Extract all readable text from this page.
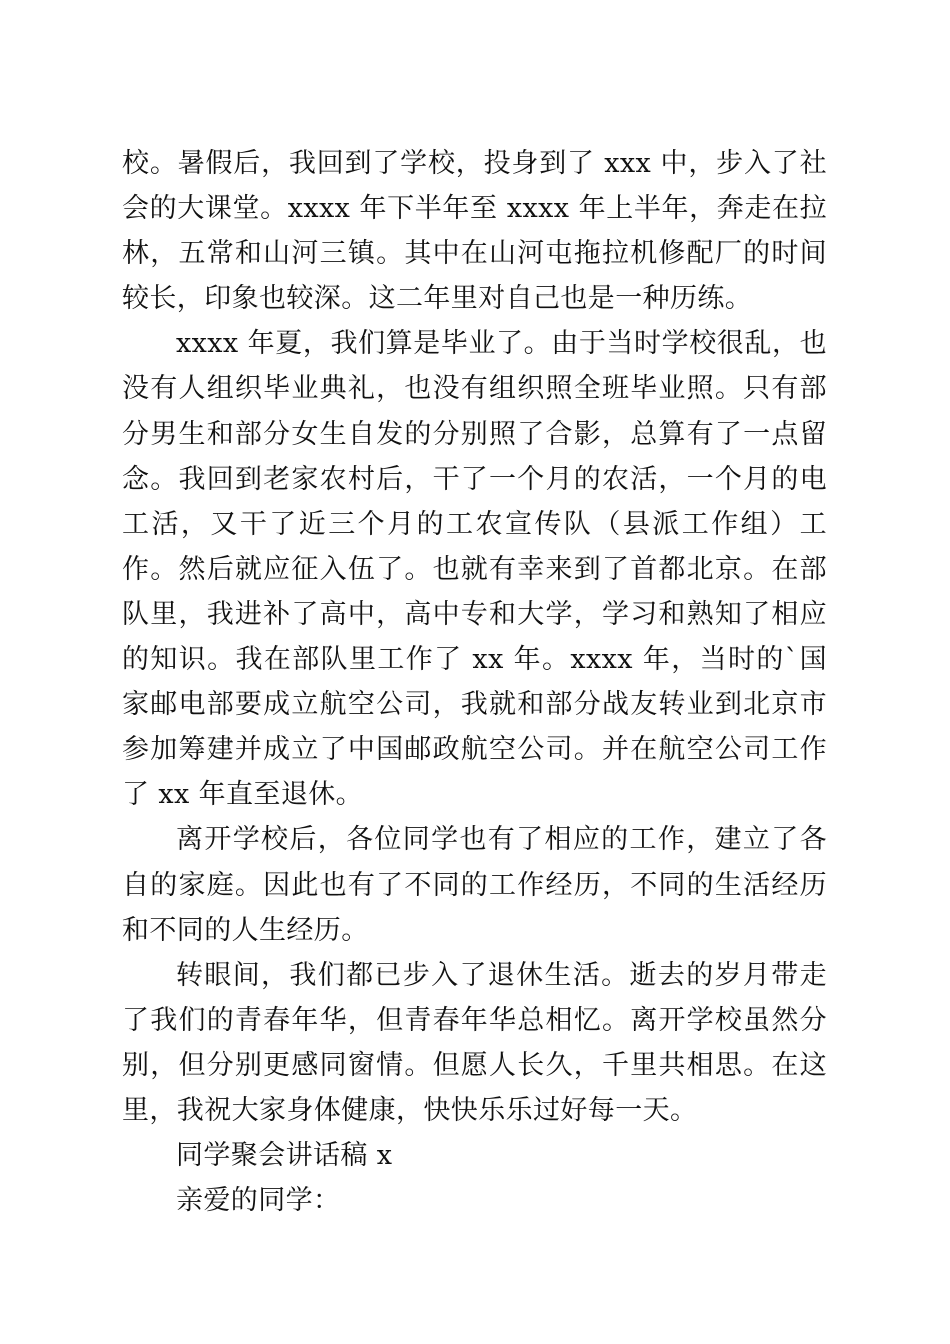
校。暑假后，我回到了学校，投身到了 xxx 中，步入了社会的大课堂。xxxx 年下半年至 xxxx 年上半年，奔走在拉林，五常和山河三镇。其中在山河屯拖拉机修配厂的时间较长，印象也较深。这二年里对自己也是一种历练。

xxxx 年夏，我们算是毕业了。由于当时学校很乱，也没有人组织毕业典礼，也没有组织照全班毕业照。只有部分男生和部分女生自发的分别照了合影，总算有了一点留念。我回到老家农村后，干了一个月的农活，一个月的电工活，又干了近三个月的工农宣传队（县派工作组）工作。然后就应征入伍了。也就有幸来到了首都北京。在部队里，我进补了高中，高中专和大学，学习和熟知了相应的知识。我在部队里工作了 xx 年。xxxx 年，当时的`国家邮电部要成立航空公司，我就和部分战友转业到北京市参加筹建并成立了中国邮政航空公司。并在航空公司工作了 xx 年直至退休。

离开学校后，各位同学也有了相应的工作，建立了各自的家庭。因此也有了不同的工作经历，不同的生活经历和不同的人生经历。

转眼间，我们都已步入了退休生活。逝去的岁月带走了我们的青春年华，但青春年华总相忆。离开学校虽然分别，但分别更感同窗情。但愿人长久，千里共相思。在这里，我祝大家身体健康，快快乐乐过好每一天。

同学聚会讲话稿 x

亲爱的同学：
